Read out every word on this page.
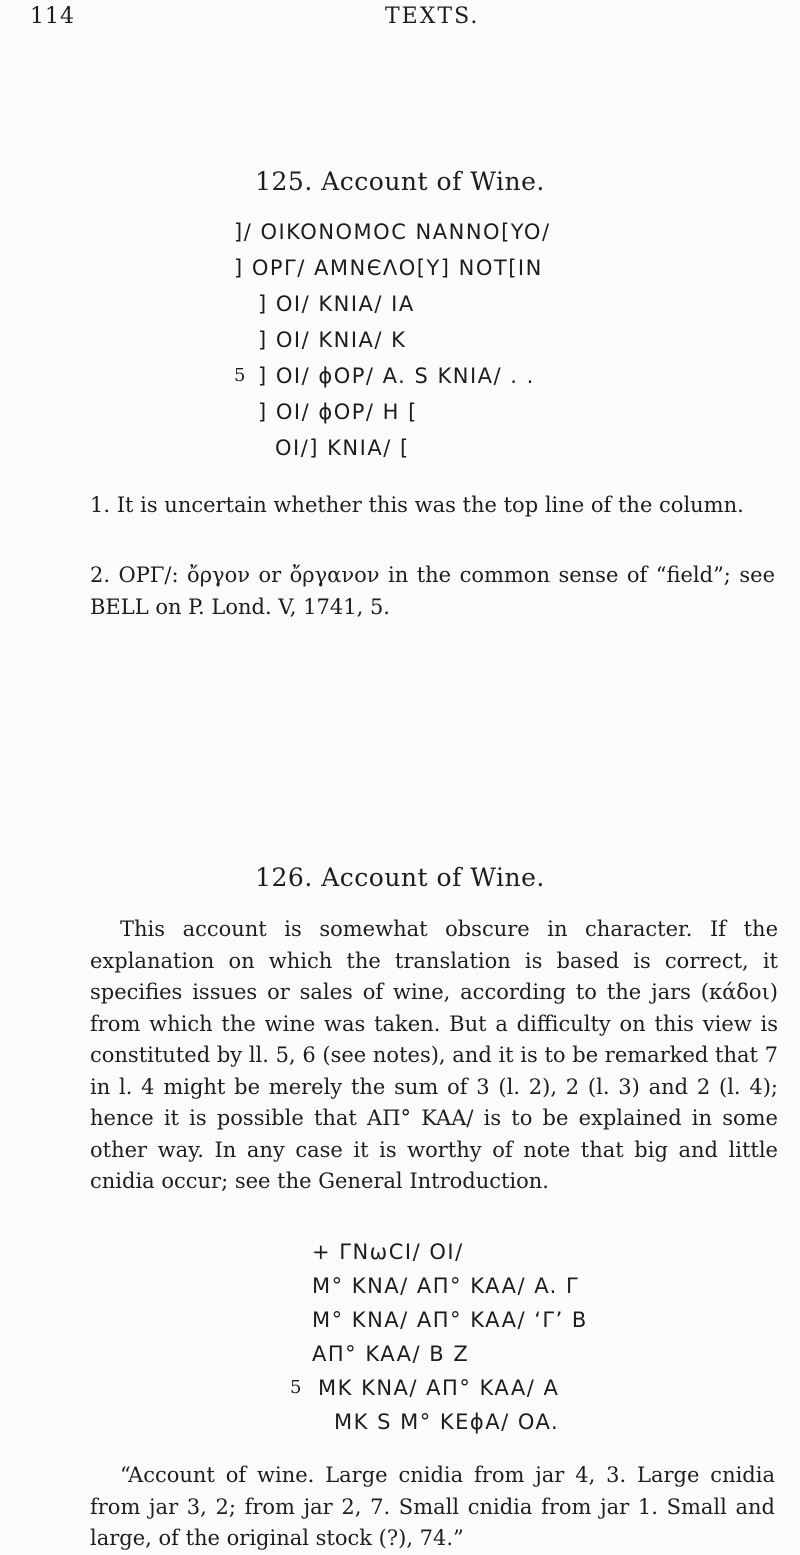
114	TEXTS.
125. Account of Wine.
]/ OIKONOMOC NANNO[YO/
] OPΓ/ AMNЄΛO[Y] NOT[IN
] OI/ KNIA/ IA
] OI/ KNIA/ K
5 ] OI/ ϕOP/ A. S KNIA/ . .
] OI/ ϕOP/ H [
OI/] KNIA/ [
1. It is uncertain whether this was the top line of the column.
2. OPΓ/: ὄργον or ὄργανον in the common sense of “field”; see BELL on P. Lond. V, 1741, 5.
126. Account of Wine.
This account is somewhat obscure in character. If the explanation on which the translation is based is correct, it specifies issues or sales of wine, according to the jars (κάδοι) from which the wine was taken. But a difficulty on this view is constituted by ll. 5, 6 (see notes), and it is to be remarked that 7 in l. 4 might be merely the sum of 3 (l. 2), 2 (l. 3) and 2 (l. 4); hence it is possible that AΠ° KAA/ is to be explained in some other way. In any case it is worthy of note that big and little cnidia occur; see the General Introduction.
+ ΓNωCI/ OI/
M° KNA/ AΠ° KAA/ A. Γ
M° KNA/ AΠ° KAA/ ‘Γ’ B
AΠ° KAA/ B Z
5 MK KNA/ AΠ° KAA/ A
MK S M° KEϕA/ OA.
“Account of wine. Large cnidia from jar 4, 3. Large cnidia from jar 3, 2; from jar 2, 7. Small cnidia from jar 1. Small and large, of the original stock (?), 74.”
